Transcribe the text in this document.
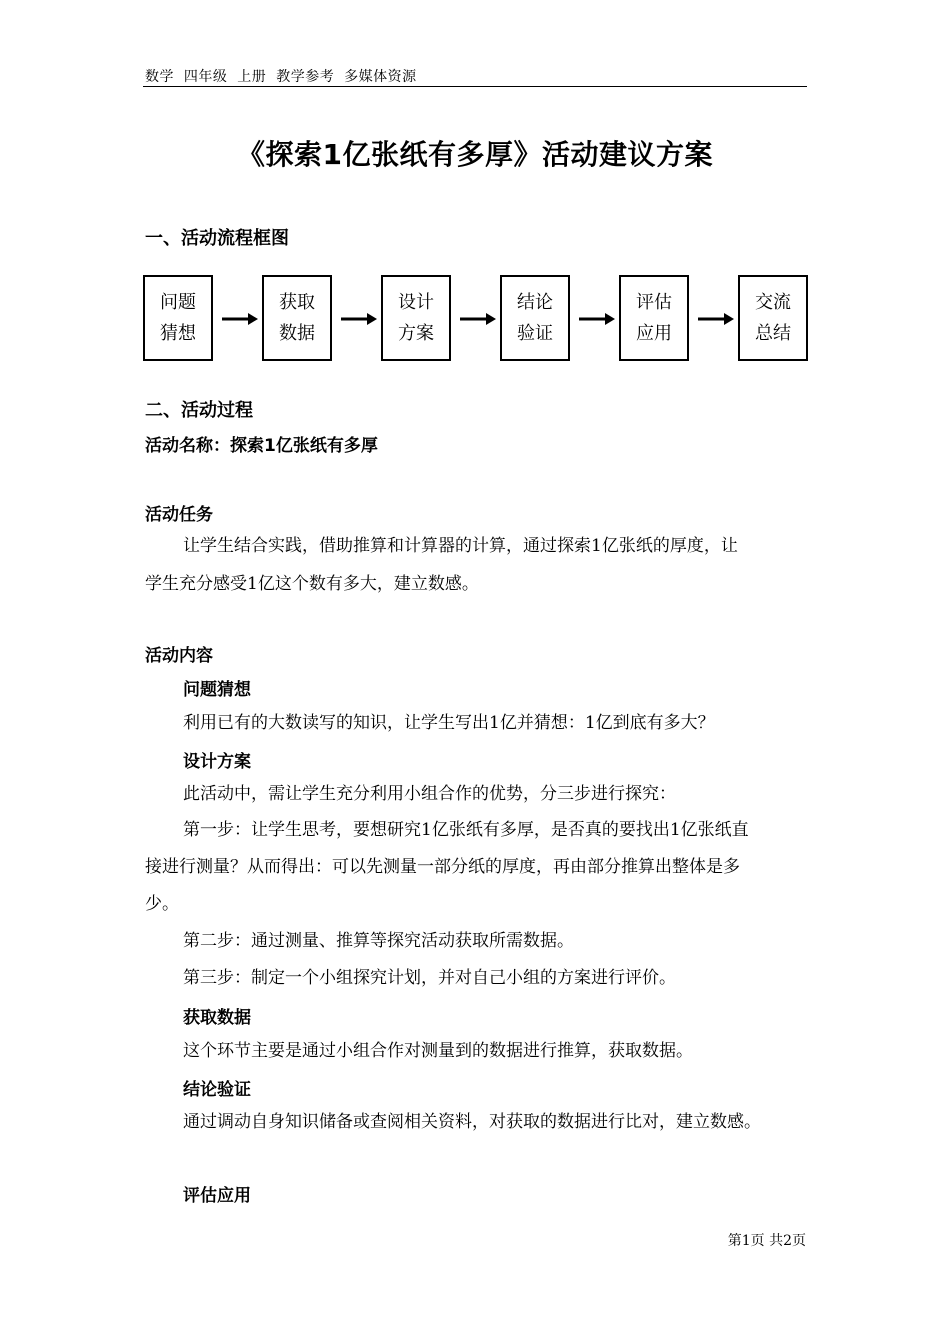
数学  四年级  上册  教学参考  多媒体资源
《探索1亿张纸有多厚》活动建议方案
一、活动流程框图
问题
猜想
获取
数据
设计
方案
结论
验证
评估
应用
交流
总结
二、活动过程
活动名称：探索1亿张纸有多厚
活动任务
让学生结合实践，借助推算和计算器的计算，通过探索1亿张纸的厚度，让
学生充分感受1亿这个数有多大，建立数感。
活动内容
问题猜想
利用已有的大数读写的知识，让学生写出1亿并猜想：1亿到底有多大？
设计方案
此活动中，需让学生充分利用小组合作的优势，分三步进行探究：
第一步：让学生思考，要想研究1亿张纸有多厚，是否真的要找出1亿张纸直
接进行测量？从而得出：可以先测量一部分纸的厚度，再由部分推算出整体是多
少。
第二步：通过测量、推算等探究活动获取所需数据。
第三步：制定一个小组探究计划，并对自己小组的方案进行评价。
获取数据
这个环节主要是通过小组合作对测量到的数据进行推算，获取数据。
结论验证
通过调动自身知识储备或查阅相关资料，对获取的数据进行比对，建立数感。
评估应用
第1页 共2页
